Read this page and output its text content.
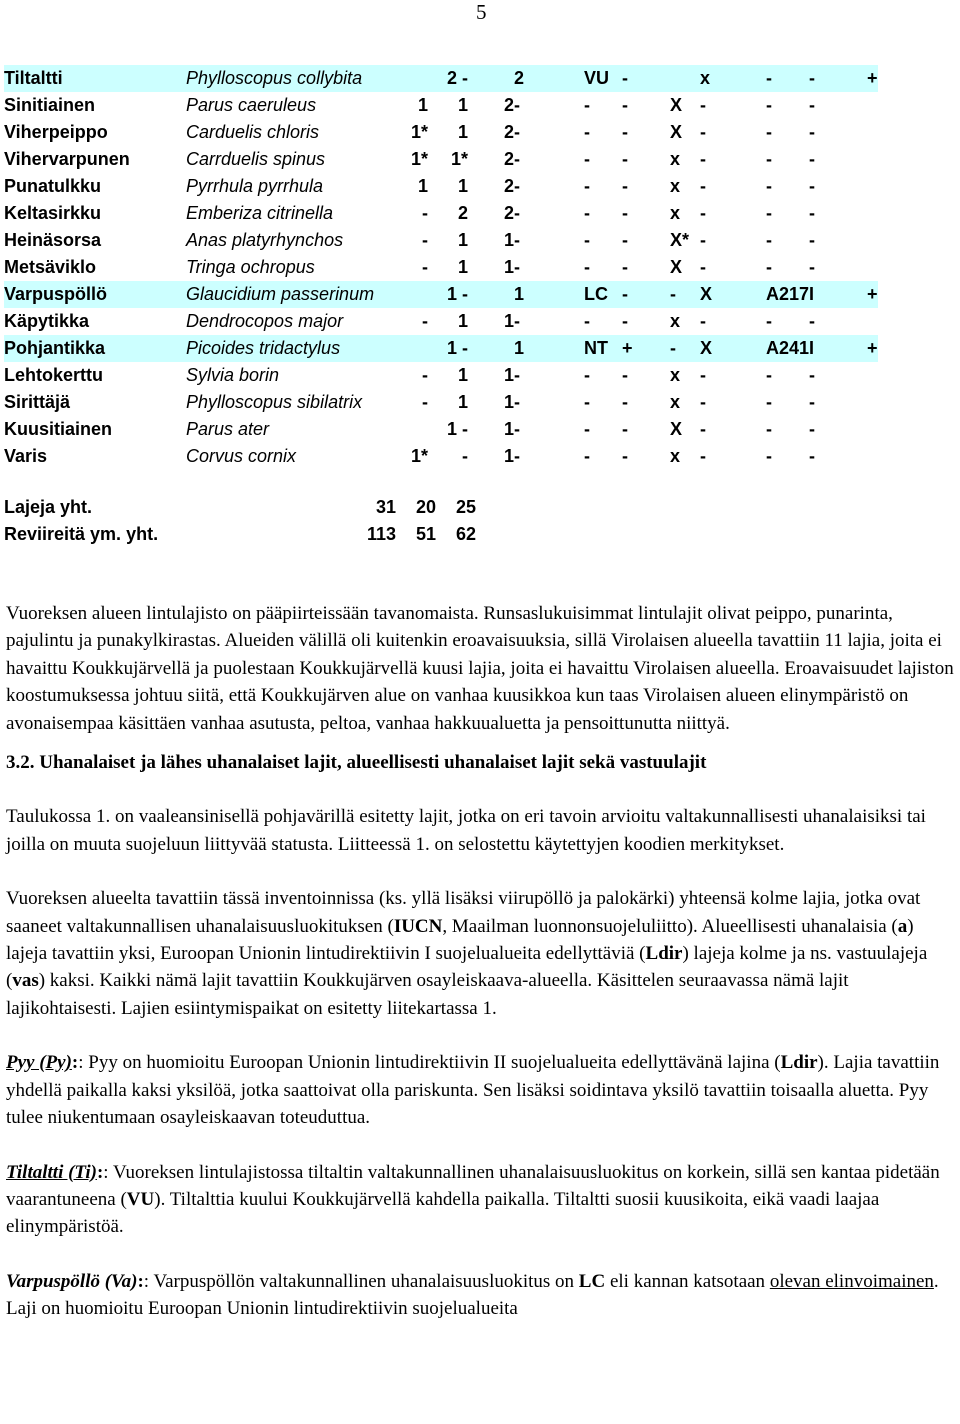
5
Tiltaltti	Phylloscopus collybita		2 -		2	VU	-		x	-	-	+
Sinitiainen	Parus caeruleus	1	1	2	-	-	-	X	-	-	-	
Viherpeippo	Carduelis chloris	1*	1	2	-	-	-	X	-	-	-	
Vihervarpunen	Carrduelis spinus	1*	1*	2	-	-	-	x	-	-	-	
Punatulkku	Pyrrhula pyrrhula	1	1	2	-	-	-	x	-	-	-	
Keltasirkku	Emberiza citrinella	-	2	2	-	-	-	x	-	-	-	
Heinäsorsa	Anas platyrhynchos	-	1	1	-	-	-	X*	-	-	-	
Metsäviklo	Tringa ochropus	-	1	1	-	-	-	X	-	-	-	
Varpuspöllö	Glaucidium passerinum		1 -		1	LC	-	-	X	A217	I	+
Käpytikka	Dendrocopos major	-	1	1	-	-	-	x	-	-	-	
Pohjantikka	Picoides tridactylus		1 -		1	NT	+	-	X	A241	I	+
Lehtokerttu	Sylvia borin	-	1	1	-	-	-	x	-	-	-	
Sirittäjä	Phylloscopus sibilatrix	-	1	1	-	-	-	x	-	-	-	
Kuusitiainen	Parus ater		1 -	1	-	-	-	X	-	-	-	
Varis	Corvus cornix	1*	-	1	-	-	-	x	-	-	-	
Lajeja yht.	31	20	25
Reviireitä ym. yht.	113	51	62

Vuoreksen alueen lintulajisto on pääpiirteissään tavanomaista. Runsaslukuisimmat lintulajit olivat peippo, punarinta, pajulintu ja punakylkirastas. Alueiden välillä oli kuitenkin eroavaisuuksia, sillä Virolaisen alueella tavattiin 11 lajia, joita ei havaittu Koukkujärvellä ja puolestaan Koukkujärvellä kuusi lajia, joita ei havaittu Virolaisen alueella. Eroavaisuudet lajiston koostumuksessa johtuu siitä, että Koukkujärven alue on vanhaa kuusikkoa kun taas Virolaisen alueen elinympäristö on avonaisempaa käsittäen vanhaa asutusta, peltoa, vanhaa hakkuualuetta ja pensoittunutta niittyä.

3.2. Uhanalaiset ja lähes uhanalaiset lajit, alueellisesti uhanalaiset lajit sekä vastuulajit

Taulukossa 1. on vaaleansinisellä pohjavärillä esitetty lajit, jotka on eri tavoin arvioitu valtakunnallisesti uhanalaisiksi tai joilla on muuta suojeluun liittyvää statusta. Liitteessä 1. on selostettu käytettyjen koodien merkitykset.

Vuoreksen alueelta tavattiin tässä inventoinnissa (ks. yllä lisäksi viirupöllö ja palokärki) yhteensä kolme lajia, jotka ovat saaneet valtakunnallisen uhanalaisuusluokituksen (IUCN, Maailman luonnonsuojeluliitto). Alueellisesti uhanalaisia (a) lajeja tavattiin yksi, Euroopan Unionin lintudirektiivin I suojelualueita edellyttäviä (Ldir) lajeja kolme ja ns. vastuulajeja (vas) kaksi. Kaikki nämä lajit tavattiin Koukkujärven osayleiskaava-alueella. Käsittelen seuraavassa nämä lajit lajikohtaisesti. Lajien esiintymispaikat on esitetty liitekartassa 1.

Pyy (Py):: Pyy on huomioitu Euroopan Unionin lintudirektiivin II suojelualueita edellyttävänä lajina (Ldir). Lajia tavattiin yhdellä paikalla kaksi yksilöä, jotka saattoivat olla pariskunta. Sen lisäksi soidintava yksilö tavattiin toisaalla aluetta. Pyy tulee niukentumaan osayleiskaavan toteuduttua.

Tiltaltti (Ti):: Vuoreksen lintulajistossa tiltaltin valtakunnallinen uhanalaisuusluokitus on korkein, sillä sen kantaa pidetään vaarantuneena (VU). Tiltalttia kuului Koukkujärvellä kahdella paikalla. Tiltaltti suosii kuusikoita, eikä vaadi laajaa elinympäristöä.

Varpuspöllö (Va):: Varpuspöllön valtakunnallinen uhanalaisuusluokitus on LC eli kannan katsotaan olevan elinvoimainen. Laji on huomioitu Euroopan Unionin lintudirektiivin suojelualueita
